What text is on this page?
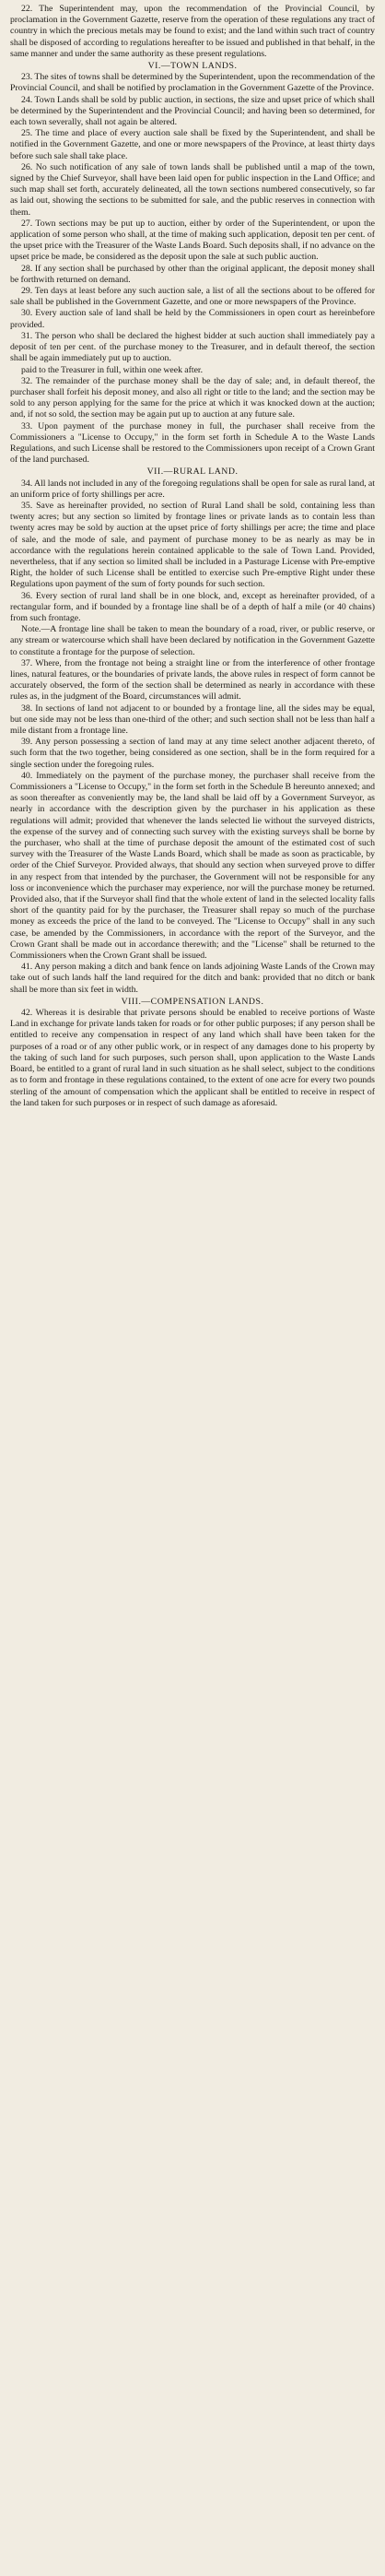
22. The Superintendent may, upon the recommendation of the Provincial Council, by proclamation in the Government Gazette, reserve from the operation of these regulations any tract of country in which the precious metals may be found to exist; and the land within such tract of country shall be disposed of according to regulations hereafter to be issued and published in that behalf, in the same manner and under the same authority as these present regulations.

VI.—TOWN LANDS.

23. The sites of towns shall be determined by the Superintendent, upon the recommendation of the Provincial Council, and shall be notified by proclamation in the Government Gazette of the Province.

24. Town Lands shall be sold by public auction, in sections, the size and upset price of which shall be determined by the Superintendent and the Provincial Council; and having been so determined, for each town severally, shall not again be altered.

25. The time and place of every auction sale shall be fixed by the Superintendent, and shall be notified in the Government Gazette, and one or more newspapers of the Province, at least thirty days before such sale shall take place.

26. No such notification of any sale of town lands shall be published until a map of the town, signed by the Chief Surveyor, shall have been laid open for public inspection in the Land Office; and such map shall set forth, accurately delineated, all the town sections numbered consecutively, so far as laid out, showing the sections to be submitted for sale, and the public reserves in connection with them.

27. Town sections may be put up to auction, either by order of the Superintendent, or upon the application of some person who shall, at the time of making such application, deposit ten per cent. of the upset price with the Treasurer of the Waste Lands Board. Such deposits shall, if no advance on the upset price be made, be considered as the deposit upon the sale at such public auction.

28. If any section shall be purchased by other than the original applicant, the deposit money shall be forthwith returned on demand.

29. Ten days at least before any such auction sale, a list of all the sections about to be offered for sale shall be published in the Government Gazette, and one or more newspapers of the Province.

30. Every auction sale of land shall be held by the Commissioners in open court as hereinbefore provided.

31. The person who shall be declared the highest bidder at such auction shall immediately pay a deposit of ten per cent. of the purchase money to the Treasurer, and in default thereof, the section shall be again immediately put up to auction.

paid to the Treasurer in full, within one week after.

32. The remainder of the purchase money shall be the day of sale; and, in default thereof, the purchaser shall forfeit his deposit money, and also all right or title to the land; and the section may be sold to any person applying for the same for the price at which it was knocked down at the auction; and, if not so sold, the section may be again put up to auction at any future sale.

33. Upon payment of the purchase money in full, the purchaser shall receive from the Commissioners a "License to Occupy," in the form set forth in Schedule A to the Waste Lands Regulations, and such License shall be restored to the Commissioners upon receipt of a Crown Grant of the land purchased.

VII.—RURAL LAND.

34. All lands not included in any of the foregoing regulations shall be open for sale as rural land, at an uniform price of forty shillings per acre.

35. Save as hereinafter provided, no section of Rural Land shall be sold, containing less than twenty acres; but any section so limited by frontage lines or private lands as to contain less than twenty acres may be sold by auction at the upset price of forty shillings per acre; the time and place of sale, and the mode of sale, and payment of purchase money to be as nearly as may be in accordance with the regulations herein contained applicable to the sale of Town Land. Provided, nevertheless, that if any section so limited shall be included in a Pasturage License with Pre-emptive Right, the holder of such License shall be entitled to exercise such Pre-emptive Right under these Regulations upon payment of the sum of forty pounds for such section.

36. Every section of rural land shall be in one block, and, except as hereinafter provided, of a rectangular form, and if bounded by a frontage line shall be of a depth of half a mile (or 40 chains) from such frontage.

Note.—A frontage line shall be taken to mean the boundary of a road, river, or public reserve, or any stream or watercourse which shall have been declared by notification in the Government Gazette to constitute a frontage for the purpose of selection.

37. Where, from the frontage not being a straight line or from the interference of other frontage lines, natural features, or the boundaries of private lands, the above rules in respect of form cannot be accurately observed, the form of the section shall be determined as nearly in accordance with these rules as, in the judgment of the Board, circumstances will admit.

38. In sections of land not adjacent to or bounded by a frontage line, all the sides may be equal, but one side may not be less than one-third of the other; and such section shall not be less than half a mile distant from a frontage line.

39. Any person possessing a section of land may at any time select another adjacent thereto, of such form that the two together, being considered as one section, shall be in the form required for a single section under the foregoing rules.

40. Immediately on the payment of the purchase money, the purchaser shall receive from the Commissioners a "License to Occupy," in the form set forth in the Schedule B hereunto annexed; and as soon thereafter as conveniently may be, the land shall be laid off by a Government Surveyor, as nearly in accordance with the description given by the purchaser in his application as these regulations will admit; provided that whenever the lands selected lie without the surveyed districts, the expense of the survey and of connecting such survey with the existing surveys shall be borne by the purchaser, who shall at the time of purchase deposit the amount of the estimated cost of such survey with the Treasurer of the Waste Lands Board, which shall be made as soon as practicable, by order of the Chief Surveyor. Provided always, that should any section when surveyed prove to differ in any respect from that intended by the purchaser, the Government will not be responsible for any loss or inconvenience which the purchaser may experience, nor will the purchase money be returned. Provided also, that if the Surveyor shall find that the whole extent of land in the selected locality falls short of the quantity paid for by the purchaser, the Treasurer shall repay so much of the purchase money as exceeds the price of the land to be conveyed. The "License to Occupy" shall in any such case, be amended by the Commissioners, in accordance with the report of the Surveyor, and the Crown Grant shall be made out in accordance therewith; and the "License" shall be returned to the Commissioners when the Crown Grant shall be issued.

41. Any person making a ditch and bank fence on lands adjoining Waste Lands of the Crown may take out of such lands half the land required for the ditch and bank: provided that no ditch or bank shall be more than six feet in width.

VIII.—COMPENSATION LANDS.

42. Whereas it is desirable that private persons should be enabled to receive portions of Waste Land in exchange for private lands taken for roads or for other public purposes; if any person shall be entitled to receive any compensation in respect of any land which shall have been taken for the purposes of a road or of any other public work, or in respect of any damages done to his property by the taking of such land for such purposes, such person shall, upon application to the Waste Lands Board, be entitled to a grant of rural land in such situation as he shall select, subject to the conditions as to form and frontage in these regulations contained, to the extent of one acre for every two pounds sterling of the amount of compensation which the applicant shall be entitled to receive in respect of the land taken for such purposes or in respect of such damage as aforesaid.
